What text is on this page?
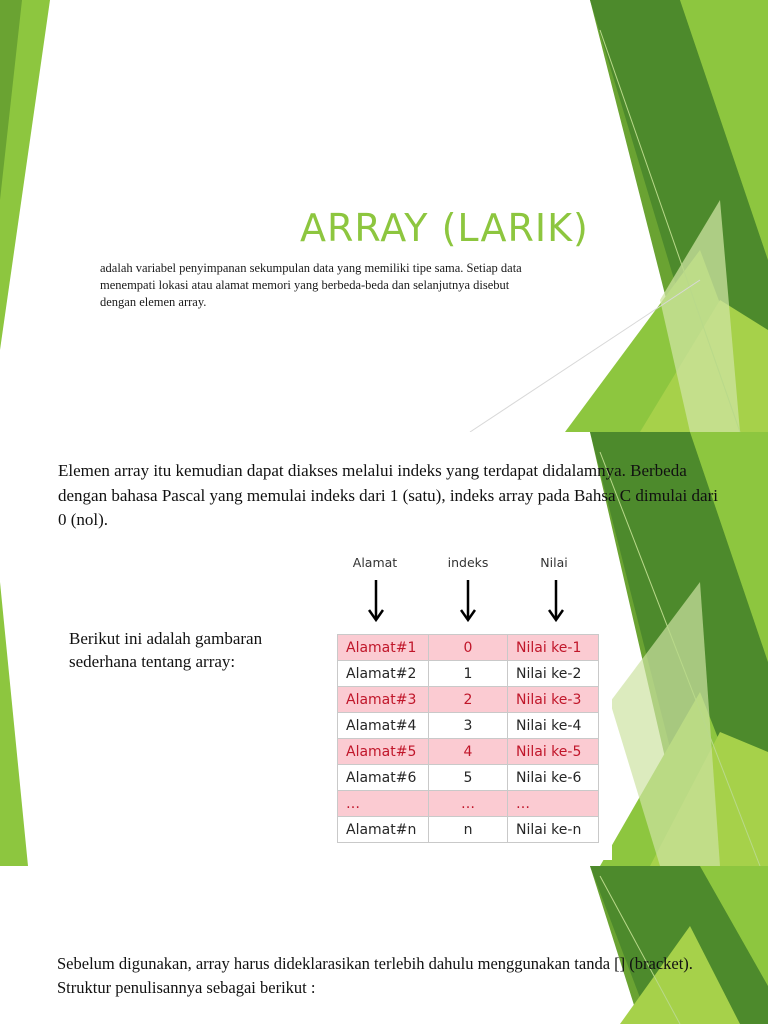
ARRAY (LARIK)

adalah variabel penyimpanan sekumpulan data yang memiliki tipe sama. Setiap data menempati lokasi atau alamat memori yang berbeda-beda dan selanjutnya disebut dengan elemen array.

Elemen array itu kemudian dapat diakses melalui indeks yang terdapat didalamnya. Berbeda dengan bahasa Pascal yang memulai indeks dari 1 (satu), indeks array pada Bahsa C dimulai dari 0 (nol).

Berikut ini adalah gambaran sederhana tentang array:

Alamat	indeks	Nilai
Alamat#1	0	Nilai ke-1
Alamat#2	1	Nilai ke-2
Alamat#3	2	Nilai ke-3
Alamat#4	3	Nilai ke-4
Alamat#5	4	Nilai ke-5
Alamat#6	5	Nilai ke-6
…	…	…
Alamat#n	n	Nilai ke-n

Sebelum digunakan, array harus dideklarasikan terlebih dahulu menggunakan tanda [] (bracket). Struktur penulisannya sebagai berikut :
